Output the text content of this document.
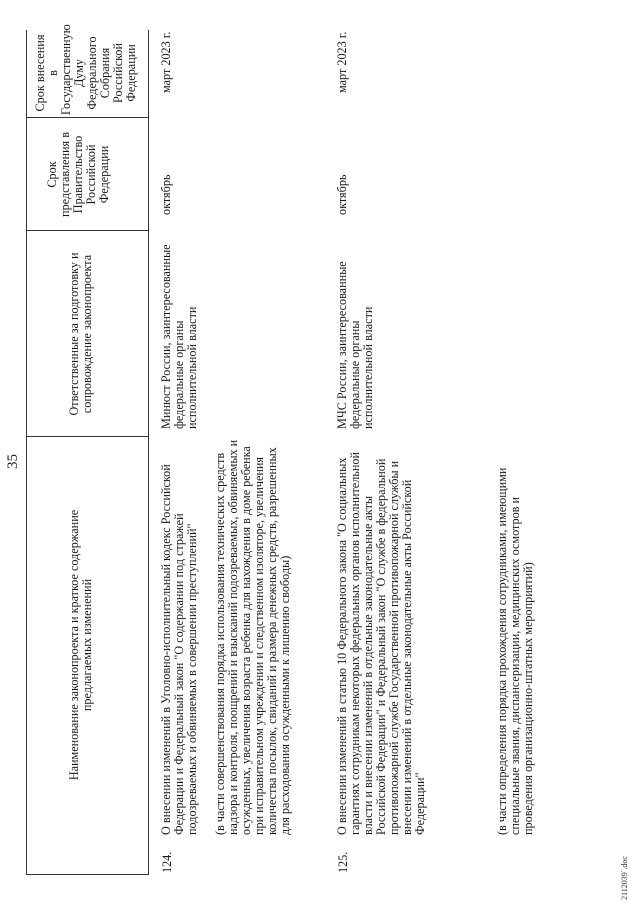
35
Наименование законопроекта и краткое содержание предлагаемых изменений
Ответственные за подготовку и сопровождение законопроекта
Срок представления в Правительство Российской Федерации
Срок внесения в Государственную Думу Федерального Собрания Российской Федерации
124.
О внесении изменений в Уголовно-исполнительный кодекс Российской Федерации и Федеральный закон "О содержании под стражей подозреваемых и обвиняемых в совершении преступлений" (в части совершенствования порядка использования технических средств надзора и контроля, поощрений и взысканий подозреваемых, обвиняемых и осужденных, увеличения возраста ребенка для нахождения в доме ребенка при исправительном учреждении и следственном изоляторе, увеличения количества посылок, свиданий и размера денежных средств, разрешенных для расходования осужденными к лишению свободы)
Минюст России, заинтересованные федеральные органы исполнительной власти
октябрь
март 2023 г.
125.
О внесении изменений в статью 10 Федерального закона "О социальных гарантиях сотрудникам некоторых федеральных органов исполнительной власти и внесении изменений в отдельные законодательные акты Российской Федерации" и Федеральный закон "О службе в федеральной противопожарной службе Государственной противопожарной службы и внесении изменений в отдельные законодательные акты Российской Федерации"	(в части определения порядка прохождения сотрудниками, имеющими специальные звания, диспансеризации, медицинских осмотров и проведения организационно-штатных мероприятий)
МЧС России, заинтересованные федеральные органы исполнительной власти
октябрь
март 2023 г.
2112039`.doc
